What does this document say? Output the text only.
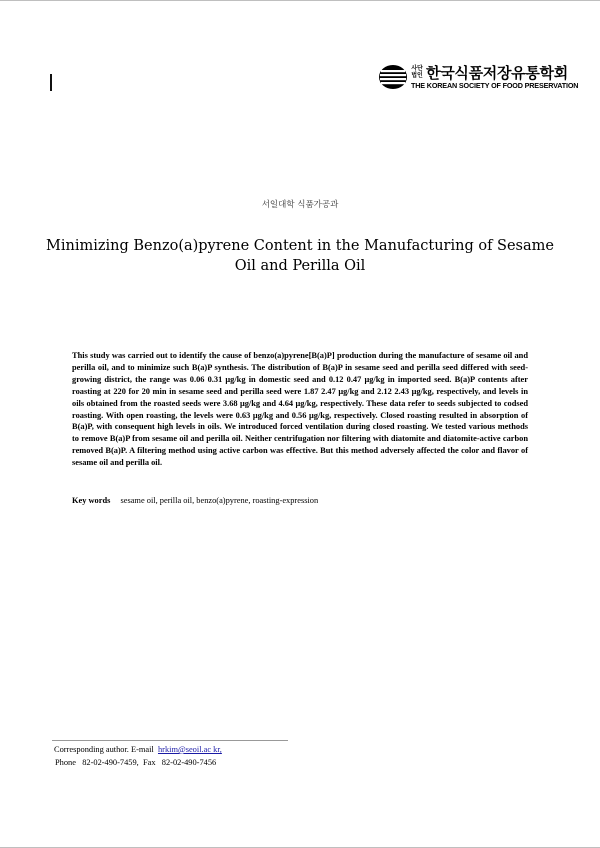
사단법인 한국식품저장유통학회
THE KOREAN SOCIETY OF FOOD PRESERVATION
서일대학 식품가공과
Minimizing Benzo(a)pyrene Content in the Manufacturing of Sesame
Oil and Perilla Oil
This study was carried out to identify the cause of benzo(a)pyrene[B(a)P] production during the manufacture of sesame oil and perilla oil, and to minimize such B(a)P synthesis. The distribution of B(a)P in sesame seed and perilla seed differed with seed-growing district, the range was 0.06 0.31 μg/kg in domestic seed and 0.12 0.47 μg/kg in imported seed. B(a)P contents after roasting at 220 for 20 min in sesame seed and perilla seed were 1.87 2.47 μg/kg and 2.12 2.43 μg/kg, respectively, and levels in oils obtained from the roasted seeds were 3.68 μg/kg and 4.64 μg/kg, respectively. These data refer to seeds subjected to codsed roasting. With open roasting, the levels were 0.63 μg/kg and 0.56 μg/kg, respectively. Closed roasting resulted in absorption of B(a)P, with consequent high levels in oils. We introduced forced ventilation during closed roasting. We tested various methods to remove B(a)P from sesame oil and perilla oil. Neither centrifugation nor filtering with diatomite and diatomite-active carbon removed B(a)P. A filtering method using active carbon was effective. But this method adversely affected the color and flavor of sesame oil and perilla oil.
Key words sesame oil, perilla oil, benzo(a)pyrene, roasting-expression
Corresponding author. E-mail hrkim@seoil.ac kr,
Phone 82-02-490-7459, Fax 82-02-490-7456
